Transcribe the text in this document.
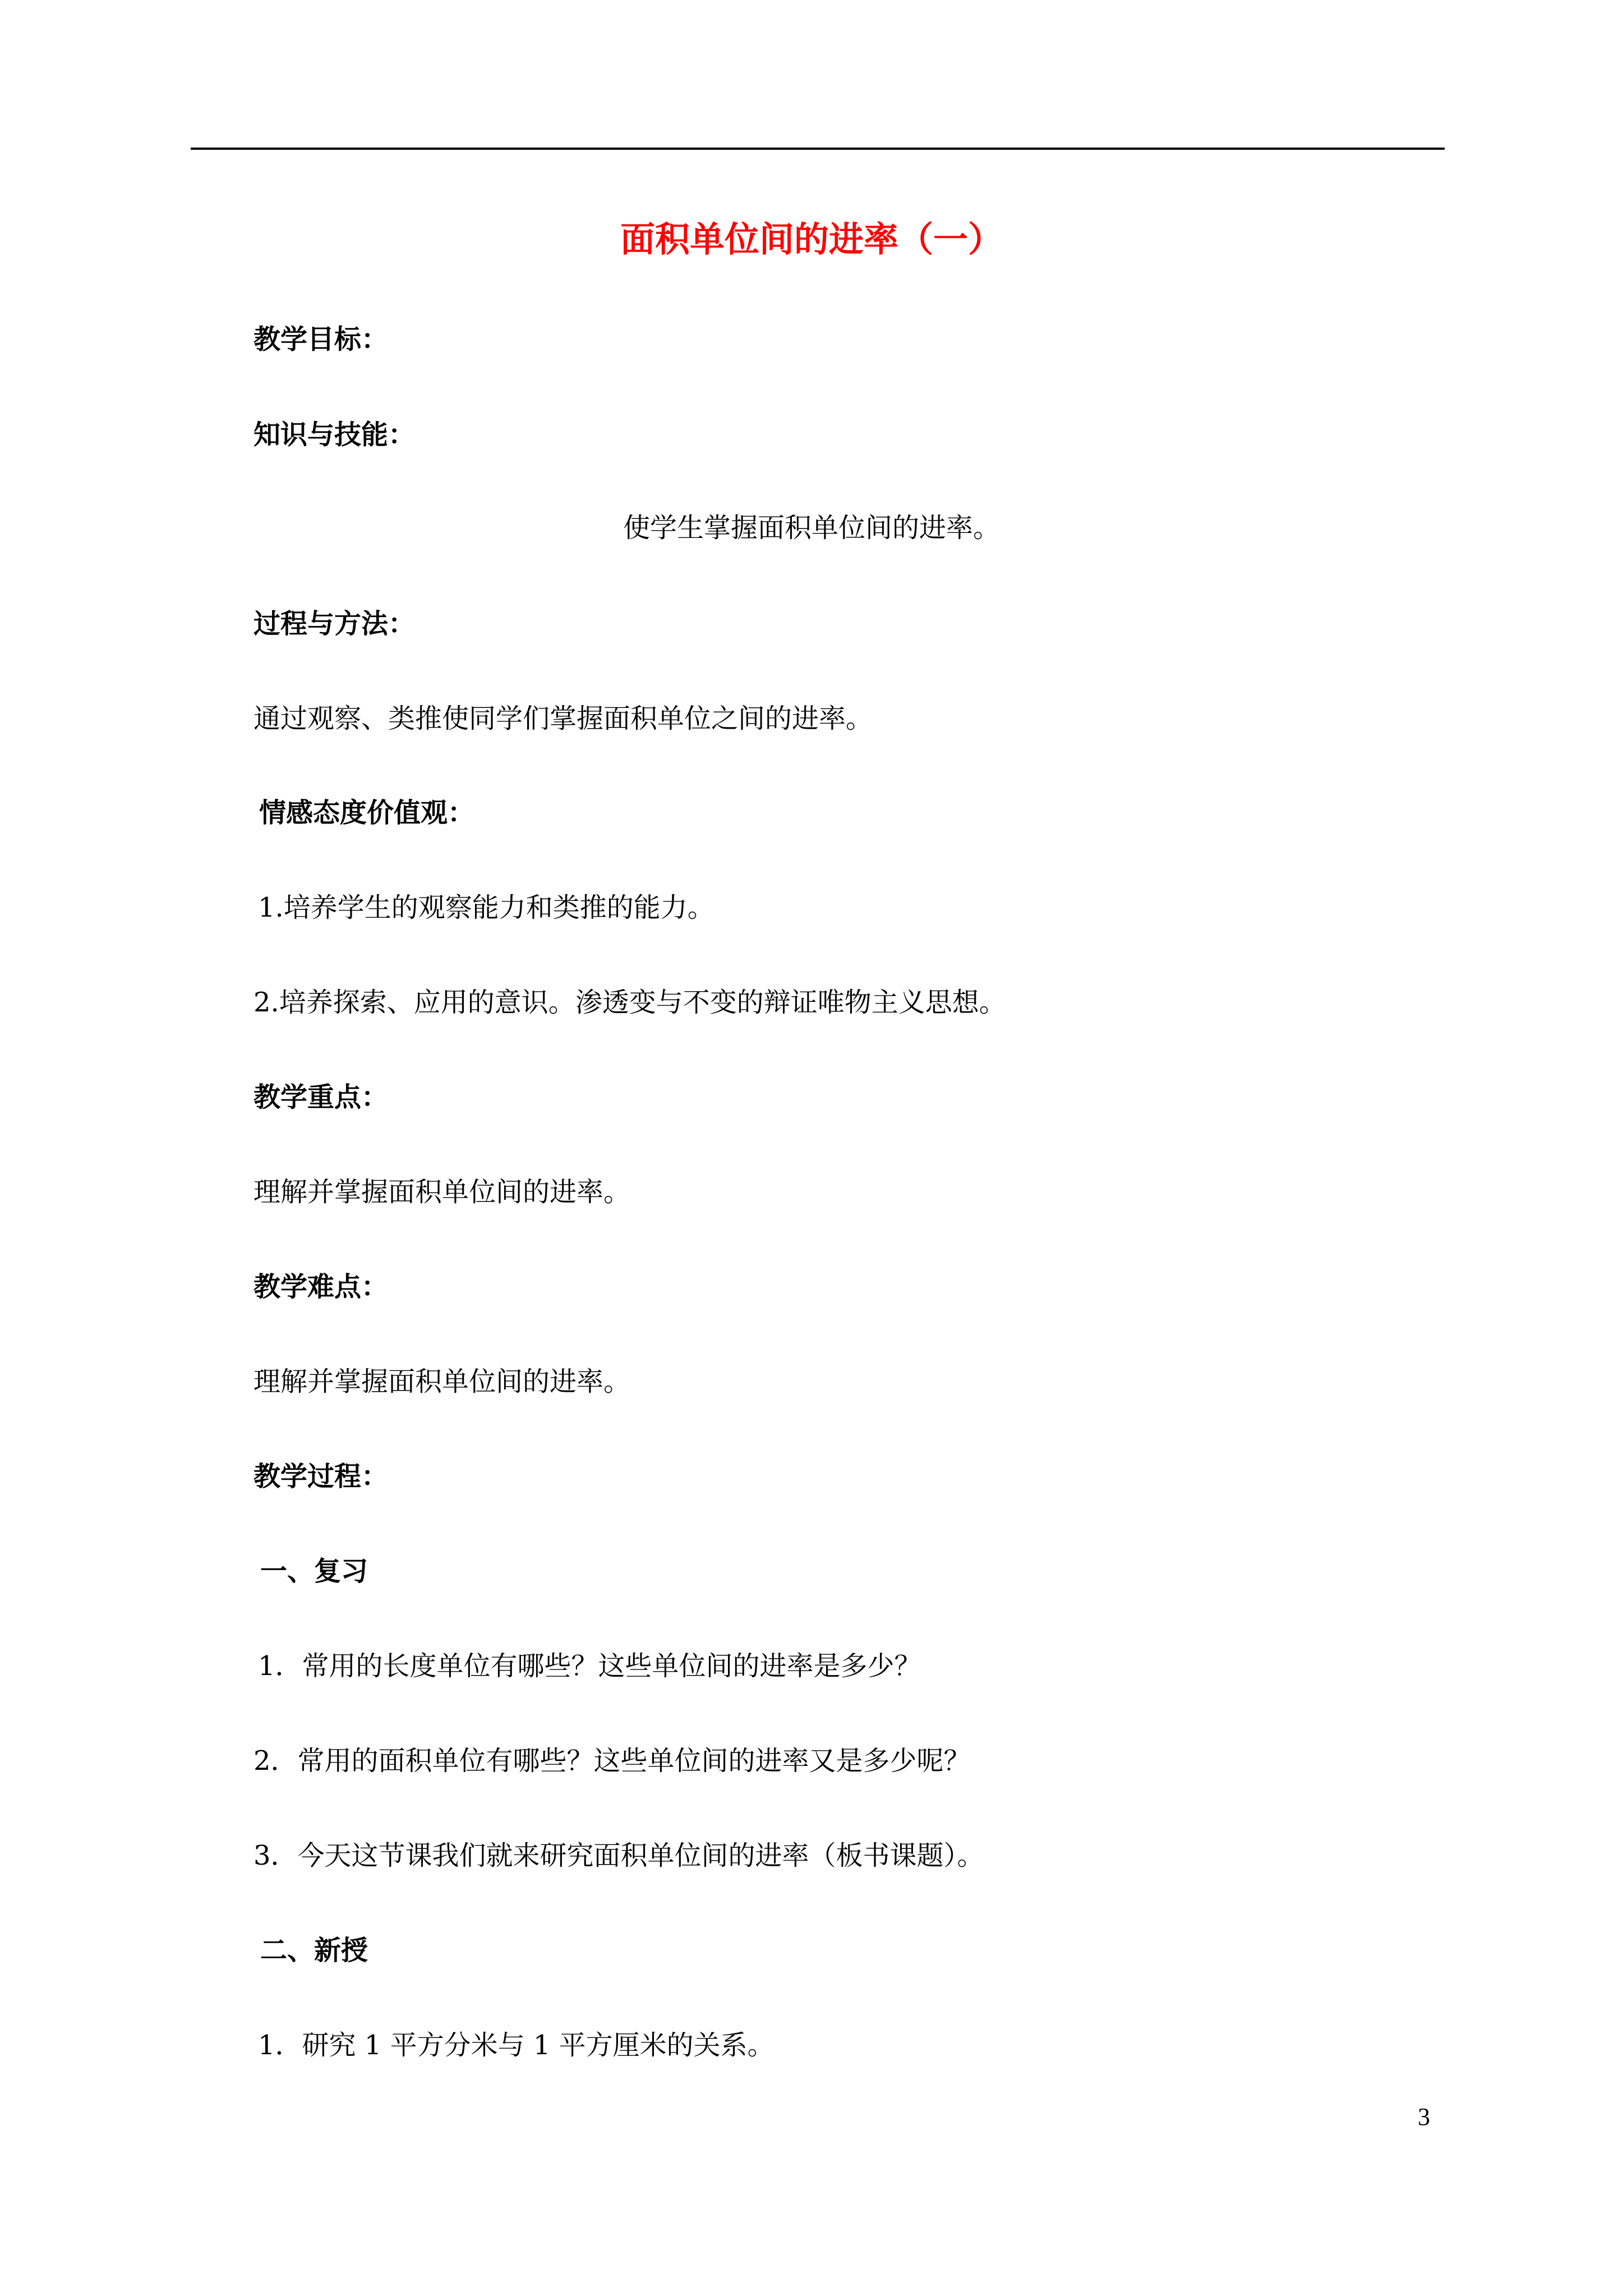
面积单位间的进率（一）
教学目标：
知识与技能：
使学生掌握面积单位间的进率。
过程与方法：
通过观察、类推使同学们掌握面积单位之间的进率。
情感态度价值观：
1.培养学生的观察能力和类推的能力。
2.培养探索、应用的意识。渗透变与不变的辩证唯物主义思想。
教学重点：
理解并掌握面积单位间的进率。
教学难点：
理解并掌握面积单位间的进率。
教学过程：
一、复习
1．常用的长度单位有哪些？这些单位间的进率是多少？
2．常用的面积单位有哪些？这些单位间的进率又是多少呢？
3．今天这节课我们就来研究面积单位间的进率（板书课题）。
二、新授
1．研究 1 平方分米与 1 平方厘米的关系。
3
